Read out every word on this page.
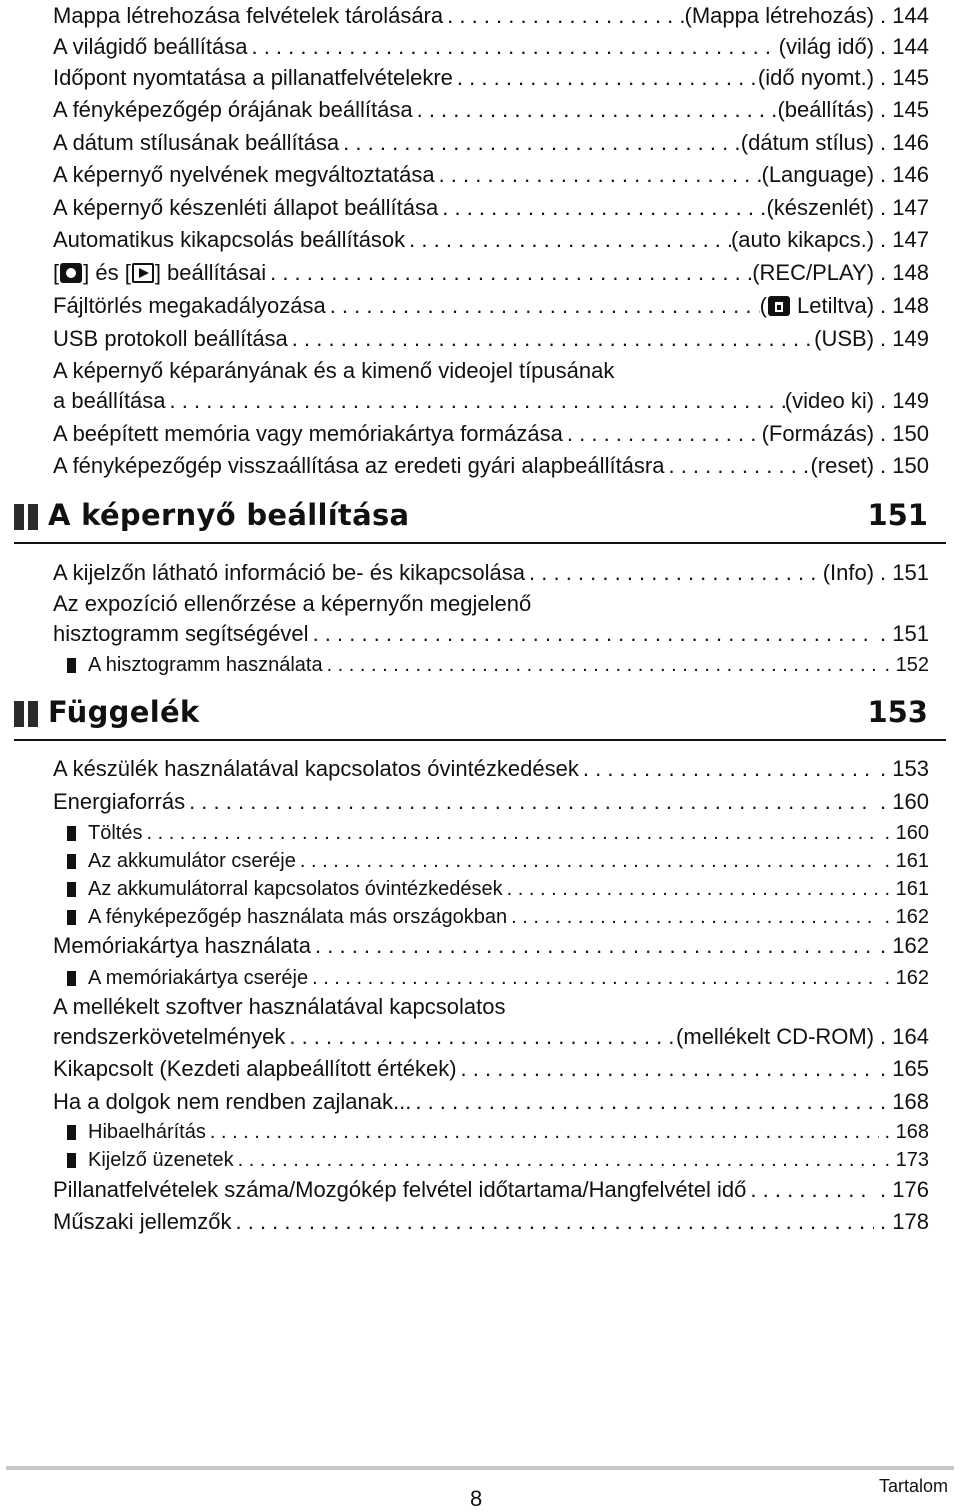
Mappa létrehozása felvételek tárolására . . .	(Mappa létrehozás) . 144
A világidő beállítása . . .	(világ idő) . 144
Időpont nyomtatása a pillanatfelvételekre . . .	(idő nyomt.) . 145
A fényképezőgép órájának beállítása . . .	(beállítás) . 145
A dátum stílusának beállítása . . .	(dátum stílus) . 146
A képernyő nyelvének megváltoztatása . . .	(Language) . 146
A képernyő készenléti állapot beállítása . . .	(készenlét) . 147
Automatikus kikapcsolás beállítások . . .	(auto kikapcs.) . 147
[ ] és [ ] beállításai . . .	(REC/PLAY) . 148
Fájltörlés megakadályozása . . .	( Letiltva) . 148
USB protokoll beállítása . . .	(USB) . 149
A képernyő képarányának és a kimenő videojel típusának
a beállítása . . .	(video ki) . 149
A beépített memória vagy memóriakártya formázása . . .	(Formázás) . 150
A fényképezőgép visszaállítása az eredeti gyári alapbeállításra . . .	(reset) . 150
A képernyő beállítása	151
A kijelzőn látható információ be- és kikapcsolása . . .	(Info) . 151
Az expozíció ellenőrzése a képernyőn megjelenő
hisztogramm segítségével . . .	. 151
A hisztogramm használata . . .	. 152
Függelék	153
A készülék használatával kapcsolatos óvintézkedések . . .	. 153
Energiaforrás . . .	. 160
Töltés . . .	. 160
Az akkumulátor cseréje . . .	. 161
Az akkumulátorral kapcsolatos óvintézkedések . . .	. 161
A fényképezőgép használata más országokban . . .	. 162
Memóriakártya használata . . .	. 162
A memóriakártya cseréje . . .	. 162
A mellékelt szoftver használatával kapcsolatos
rendszerkövetelmények . . .	(mellékelt CD-ROM) . 164
Kikapcsolt (Kezdeti alapbeállított értékek) . . .	. 165
Ha a dolgok nem rendben zajlanak... . . .	. 168
Hibaelhárítás . . .	. 168
Kijelző üzenetek . . .	. 173
Pillanatfelvételek száma/Mozgókép felvétel időtartama/Hangfelvétel idő . . .	. 176
Műszaki jellemzők . . .	. 178
8	Tartalom
